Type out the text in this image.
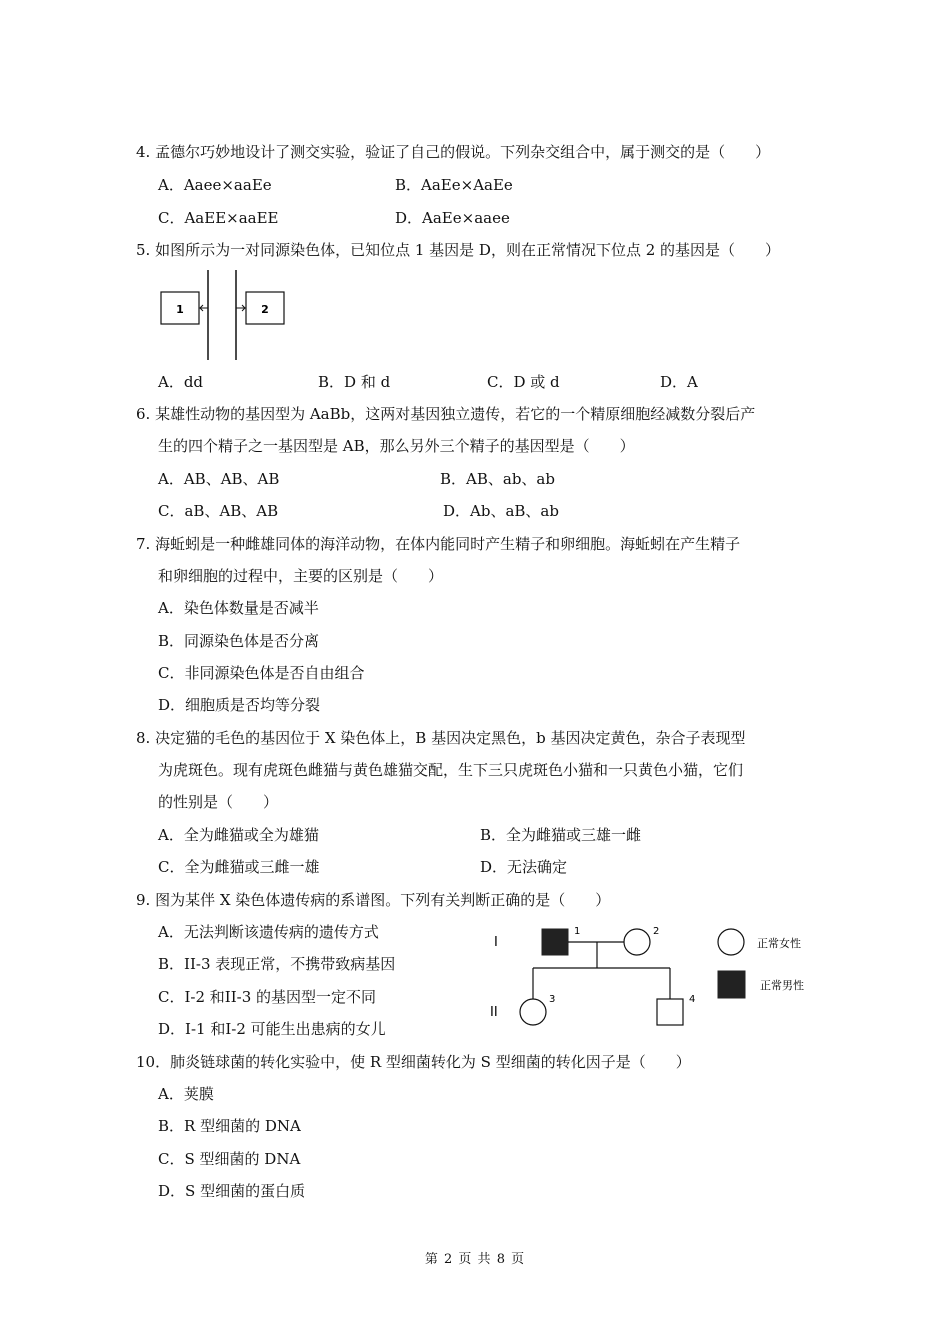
4. 孟德尔巧妙地设计了测交实验，验证了自己的假说。下列杂交组合中，属于测交的是（　　）
A．Aaee×aaEe	B．AaEe×AaEe
C．AaEE×aaEE	D．AaEe×aaee
5. 如图所示为一对同源染色体，已知位点 1 基因是 D，则在正常情况下位点 2 的基因是（　　）
1	2
A．dd	B．D 和 d	C．D 或 d	D．A
6. 某雄性动物的基因型为 AaBb，这两对基因独立遗传，若它的一个精原细胞经减数分裂后产
生的四个精子之一基因型是 AB，那么另外三个精子的基因型是（　　）
A．AB、AB、AB	B．AB、ab、ab
C．aB、AB、AB	D．Ab、aB、ab
7. 海蚯蚓是一种雌雄同体的海洋动物，在体内能同时产生精子和卵细胞。海蚯蚓在产生精子
和卵细胞的过程中，主要的区别是（　　）
A．染色体数量是否减半
B．同源染色体是否分离
C．非同源染色体是否自由组合
D．细胞质是否均等分裂
8. 决定猫的毛色的基因位于 X 染色体上，B 基因决定黑色，b 基因决定黄色，杂合子表现型
为虎斑色。现有虎斑色雌猫与黄色雄猫交配，生下三只虎斑色小猫和一只黄色小猫，它们
的性别是（　　）
A．全为雌猫或全为雄猫	B．全为雌猫或三雄一雌
C．全为雌猫或三雌一雄	D．无法确定
9. 图为某伴 X 染色体遗传病的系谱图。下列有关判断正确的是（　　）
A．无法判断该遗传病的遗传方式
B．II-3 表现正常，不携带致病基因
C．I-2 和II-3 的基因型一定不同
D．I-1 和I-2 可能生出患病的女儿
I
II
1	2
3	4
正常女性
正常男性
10．肺炎链球菌的转化实验中，使 R 型细菌转化为 S 型细菌的转化因子是（　　）
A．荚膜
B．R 型细菌的 DNA
C．S 型细菌的 DNA
D．S 型细菌的蛋白质
第 2 页 共 8 页
